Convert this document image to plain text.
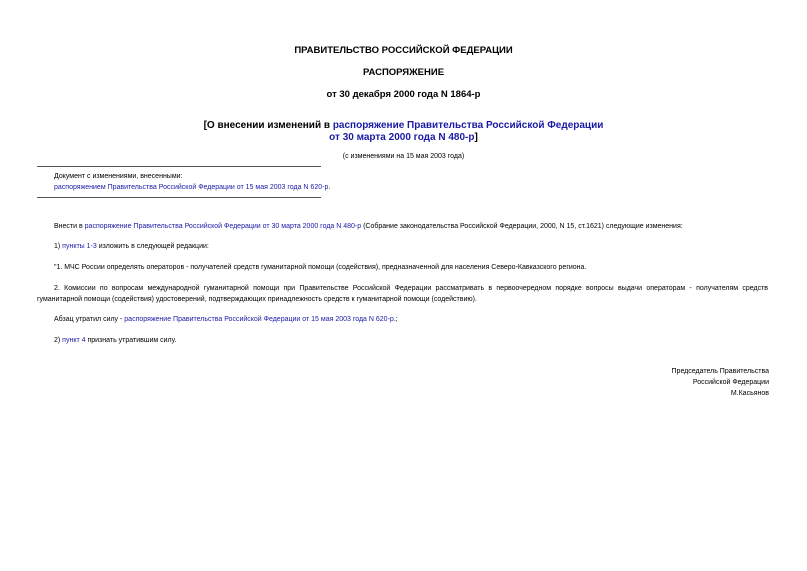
ПРАВИТЕЛЬСТВО РОССИЙСКОЙ ФЕДЕРАЦИИ
РАСПОРЯЖЕНИЕ
от 30 декабря 2000 года N 1864-р
[О внесении изменений в распоряжение Правительства Российской Федерации
от 30 марта 2000 года N 480-р]
(с изменениями на 15 мая 2003 года)
Документ с изменениями, внесенными:
распоряжением Правительства Российской Федерации от 15 мая 2003 года N 620-р.
Внести в распоряжение Правительства Российской Федерации от 30 марта 2000 года N 480-р (Собрание законодательства Российской Федерации, 2000, N 15, ст.1621) следующие изменения:
1) пункты 1-3 изложить в следующей редакции:
"1. МЧС России определять операторов - получателей средств гуманитарной помощи (содействия), предназначенной для населения Северо-Кавказского региона.
2. Комиссии по вопросам международной гуманитарной помощи при Правительстве Российской Федерации рассматривать в первоочередном порядке вопросы выдачи операторам - получателям средств гуманитарной помощи (содействия) удостоверений, подтверждающих принадлежность средств к гуманитарной помощи (содействию).
Абзац утратил силу - распоряжение Правительства Российской Федерации от 15 мая 2003 года N 620-р.;
2) пункт 4 признать утратившим силу.
Председатель Правительства
Российской Федерации
М.Касьянов
